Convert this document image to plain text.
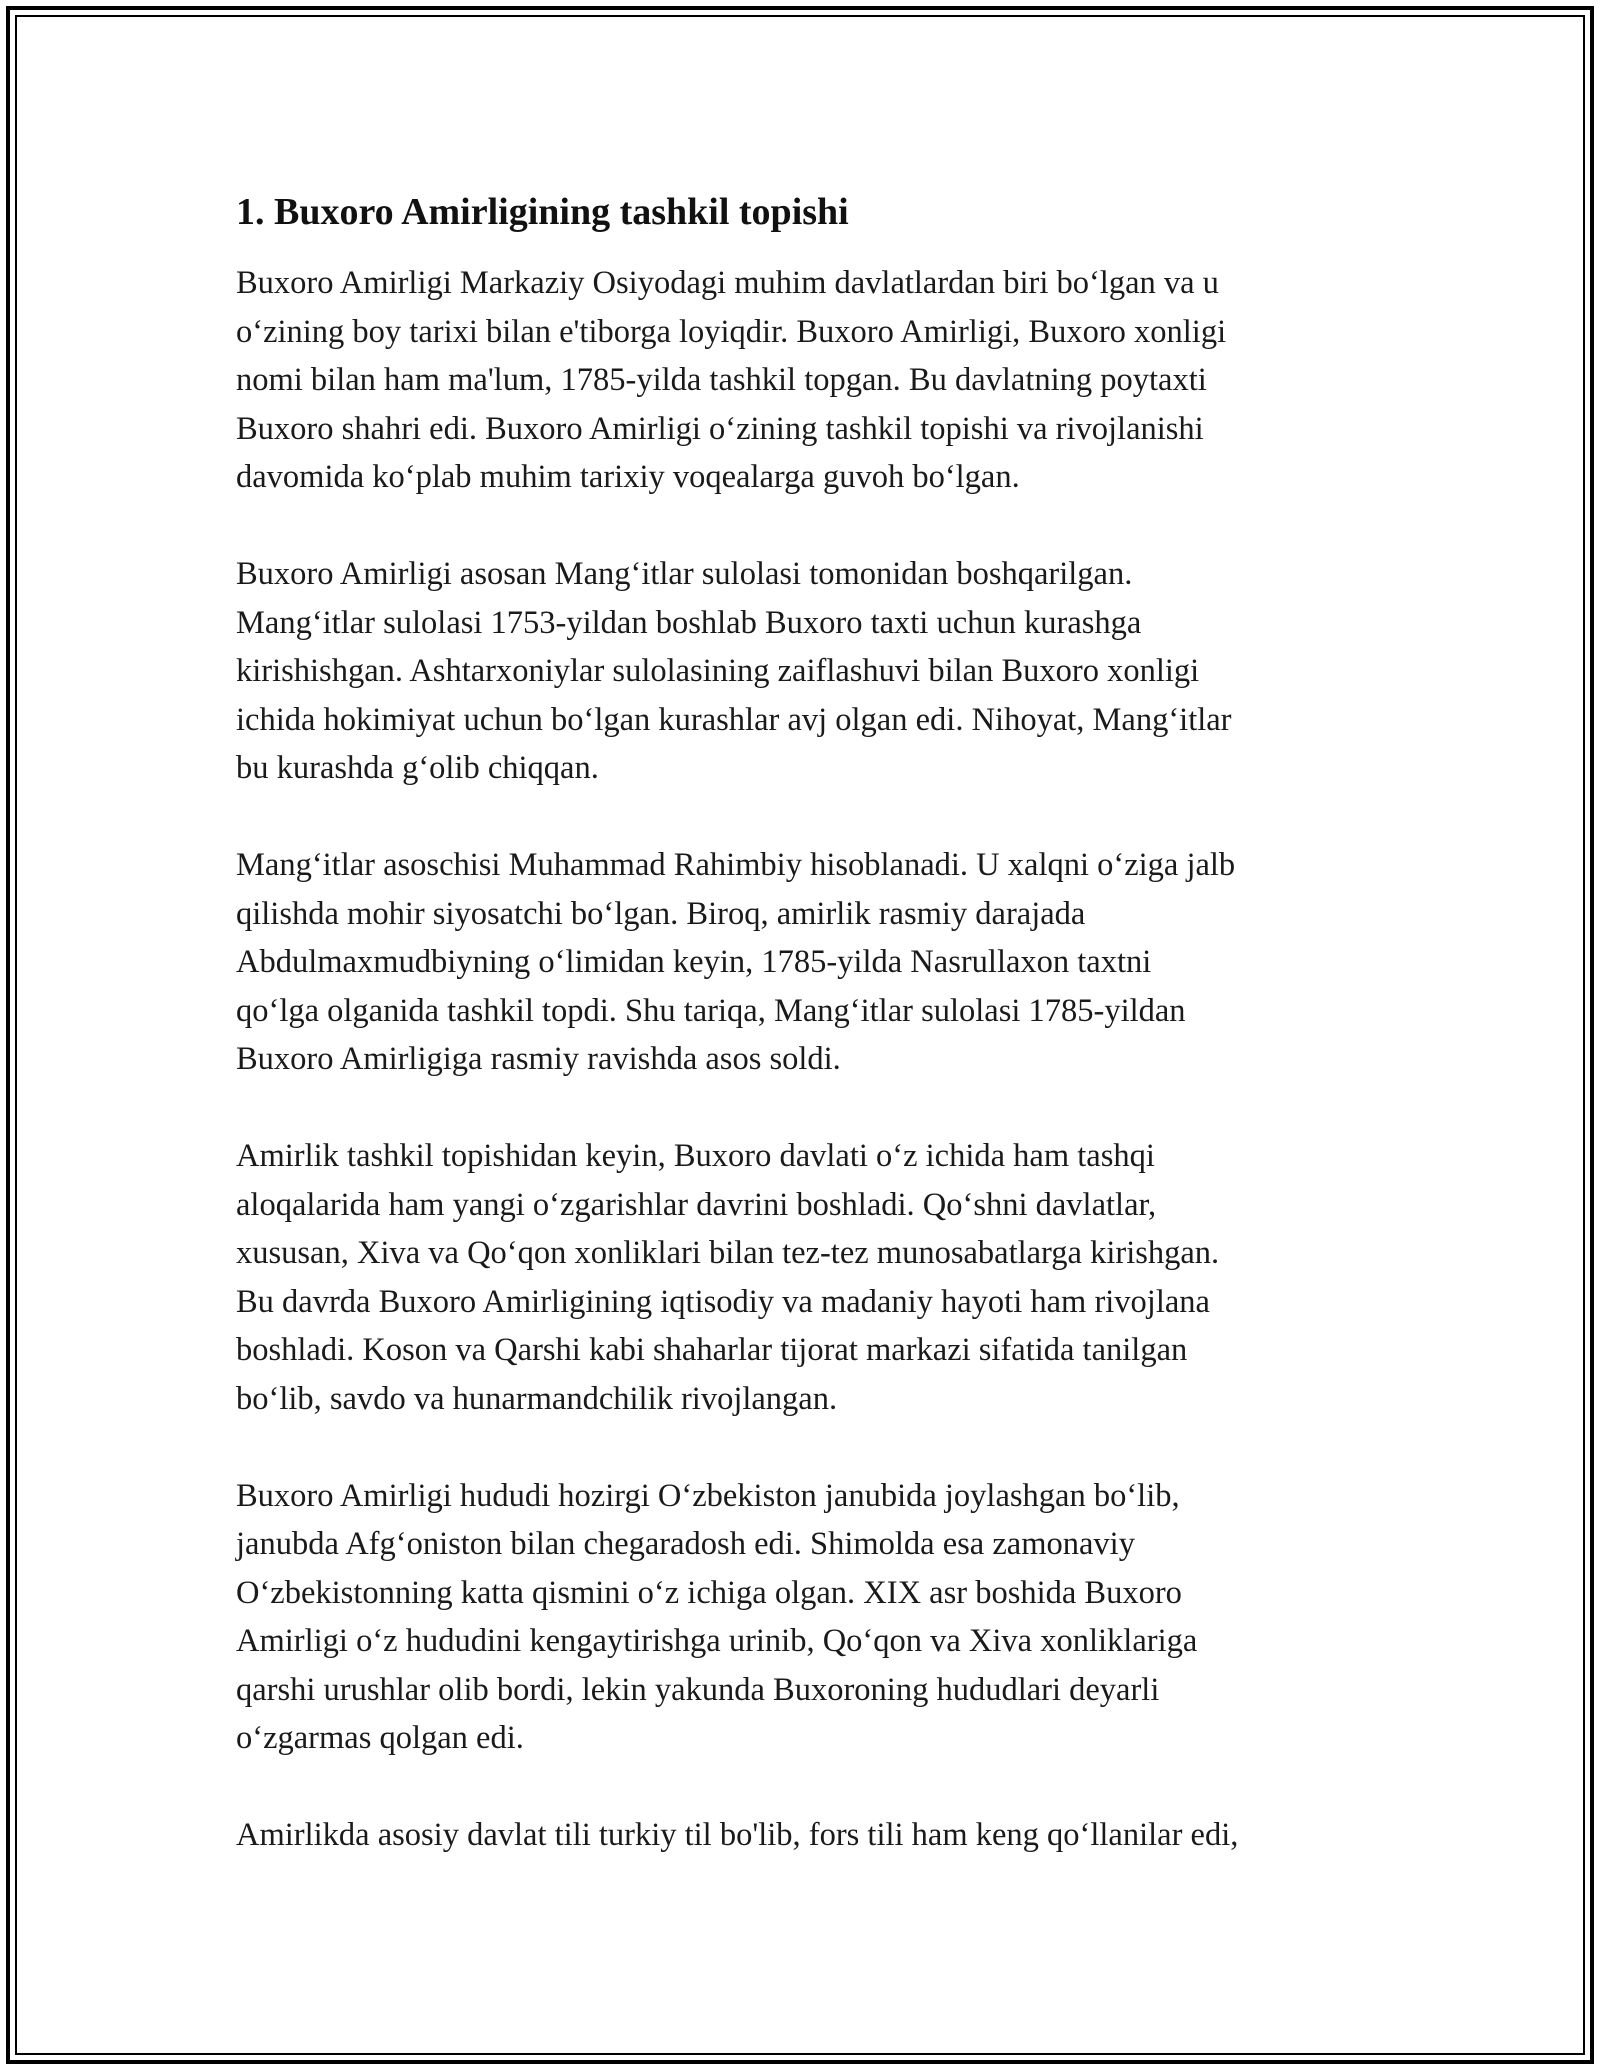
1. Buxoro Amirligining tashkil topishi

Buxoro Amirligi Markaziy Osiyodagi muhim davlatlardan biri bo‘lgan va u
o‘zining boy tarixi bilan e'tiborga loyiqdir. Buxoro Amirligi, Buxoro xonligi
nomi bilan ham ma'lum, 1785-yilda tashkil topgan. Bu davlatning poytaxti
Buxoro shahri edi. Buxoro Amirligi o‘zining tashkil topishi va rivojlanishi
davomida ko‘plab muhim tarixiy voqealarga guvoh bo‘lgan.

Buxoro Amirligi asosan Mang‘itlar sulolasi tomonidan boshqarilgan.
Mang‘itlar sulolasi 1753-yildan boshlab Buxoro taxti uchun kurashga
kirishishgan. Ashtarxoniylar sulolasining zaiflashuvi bilan Buxoro xonligi
ichida hokimiyat uchun bo‘lgan kurashlar avj olgan edi. Nihoyat, Mang‘itlar
bu kurashda g‘olib chiqqan.

Mang‘itlar asoschisi Muhammad Rahimbiy hisoblanadi. U xalqni o‘ziga jalb
qilishda mohir siyosatchi bo‘lgan. Biroq, amirlik rasmiy darajada
Abdulmaxmudbiyning o‘limidan keyin, 1785-yilda Nasrullaxon taxtni
qo‘lga olganida tashkil topdi. Shu tariqa, Mang‘itlar sulolasi 1785-yildan
Buxoro Amirligiga rasmiy ravishda asos soldi.

Amirlik tashkil topishidan keyin, Buxoro davlati o‘z ichida ham tashqi
aloqalarida ham yangi o‘zgarishlar davrini boshladi. Qo‘shni davlatlar,
xususan, Xiva va Qo‘qon xonliklari bilan tez-tez munosabatlarga kirishgan.
Bu davrda Buxoro Amirligining iqtisodiy va madaniy hayoti ham rivojlana
boshladi. Koson va Qarshi kabi shaharlar tijorat markazi sifatida tanilgan
bo‘lib, savdo va hunarmandchilik rivojlangan.

Buxoro Amirligi hududi hozirgi O‘zbekiston janubida joylashgan bo‘lib,
janubda Afg‘oniston bilan chegaradosh edi. Shimolda esa zamonaviy
O‘zbekistonning katta qismini o‘z ichiga olgan. XIX asr boshida Buxoro
Amirligi o‘z hududini kengaytirishga urinib, Qo‘qon va Xiva xonliklariga
qarshi urushlar olib bordi, lekin yakunda Buxoroning hududlari deyarli
o‘zgarmas qolgan edi.

Amirlikda asosiy davlat tili turkiy til bo'lib, fors tili ham keng qo‘llanilar edi,
